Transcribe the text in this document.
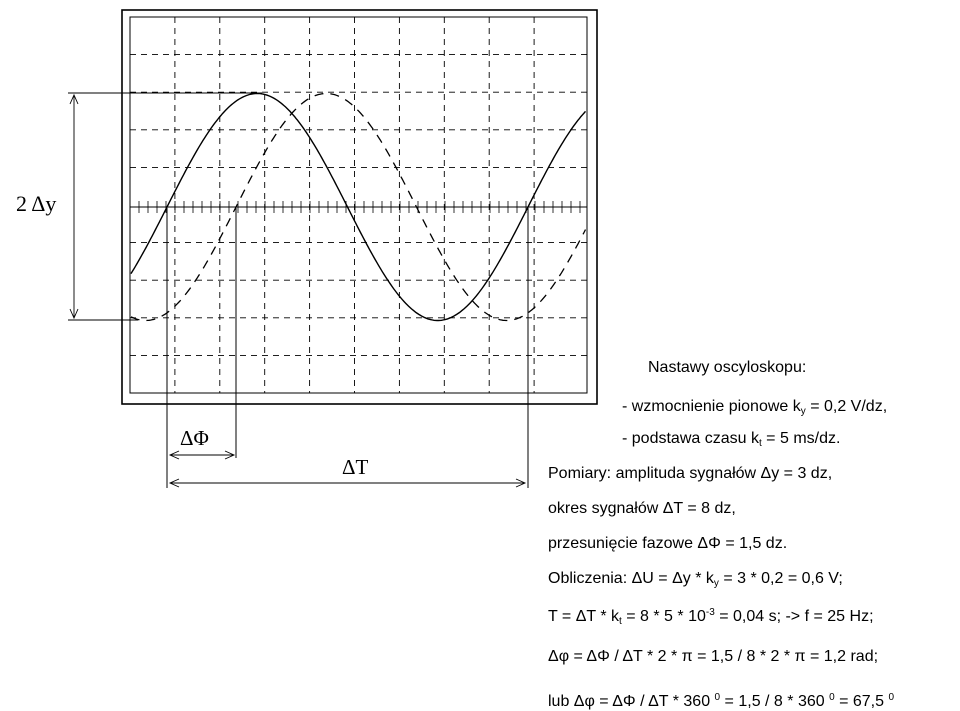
2 Δy
ΔΦ
ΔT
Nastawy oscyloskopu:
- wzmocnienie pionowe $k_y = 0,2$ V/dz,
- podstawa czasu $k_t = 5$ ms/dz.
Pomiary: amplituda sygnałów Δy = 3 dz,
okres sygnałów ΔT = 8 dz,
przesunięcie fazowe ΔΦ = 1,5 dz.
Obliczenia: $\Delta U = \Delta y * k_y = 3 * 0,2 = 0,6$ V;
$T = \Delta T * k_t = 8 * 5 * 10^{-3} = 0,04$ s; -> f = 25 Hz;
Δφ = ΔΦ / ΔT * 2 * π = 1,5 / 8 * 2 * π = 1,2 rad;
lub Δφ = ΔΦ / ΔT * 360 $^0$ = 1,5 / 8 * 360 $^0$ = 67,5 $^0$
